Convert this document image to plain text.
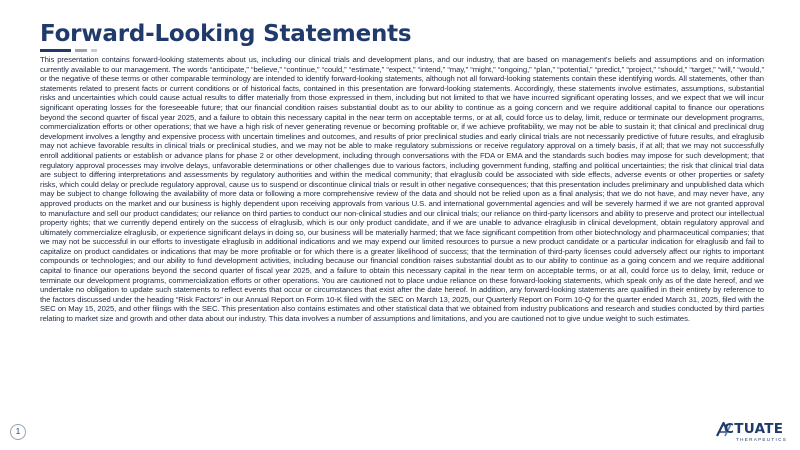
Forward-Looking Statements

This presentation contains forward-looking statements about us, including our clinical trials and development plans, and our industry, that are based on management's beliefs and assumptions and on information currently available to our management. The words “anticipate,” “believe,” “continue,” “could,” “estimate,” “expect,” “intend,” “may,” “might,” “ongoing,” “plan,” “potential,” “predict,” “project,” “should,” “target,” “will,” “would,” or the negative of these terms or other comparable terminology are intended to identify forward-looking statements, although not all forward-looking statements contain these identifying words. All statements, other than statements related to present facts or current conditions or of historical facts, contained in this presentation are forward-looking statements. Accordingly, these statements involve estimates, assumptions, substantial risks and uncertainties which could cause actual results to differ materially from those expressed in them, including but not limited to that we have incurred significant operating losses, and we expect that we will incur significant operating losses for the foreseeable future; that our financial condition raises substantial doubt as to our ability to continue as a going concern and we require additional capital to finance our operations beyond the second quarter of fiscal year 2025, and a failure to obtain this necessary capital in the near term on acceptable terms, or at all, could force us to delay, limit, reduce or terminate our development programs, commercialization efforts or other operations; that we have a high risk of never generating revenue or becoming profitable or, if we achieve profitability, we may not be able to sustain it; that clinical and preclinical drug development involves a lengthy and expensive process with uncertain timelines and outcomes, and results of prior preclinical studies and early clinical trials are not necessarily predictive of future results, and elraglusib may not achieve favorable results in clinical trials or preclinical studies, and we may not be able to make regulatory submissions or receive regulatory approval on a timely basis, if at all; that we may not successfully enroll additional patients or establish or advance plans for phase 2 or other development, including through conversations with the FDA or EMA and the standards such bodies may impose for such development; that regulatory approval processes may involve delays, unfavorable determinations or other challenges due to various factors, including government funding, staffing and political uncertainties; the risk that clinical trial data are subject to differing interpretations and assessments by regulatory authorities and within the medical community; that elraglusib could be associated with side effects, adverse events or other properties or safety risks, which could delay or preclude regulatory approval, cause us to suspend or discontinue clinical trials or result in other negative consequences; that this presentation includes preliminary and unpublished data which may be subject to change following the availability of more data or following a more comprehensive review of the data and should not be relied upon as a final analysis; that we do not have, and may never have, any approved products on the market and our business is highly dependent upon receiving approvals from various U.S. and international governmental agencies and will be severely harmed if we are not granted approval to manufacture and sell our product candidates; our reliance on third parties to conduct our non-clinical studies and our clinical trials; our reliance on third-party licensors and ability to preserve and protect our intellectual property rights; that we currently depend entirely on the success of elraglusib, which is our only product candidate, and if we are unable to advance elraglusib in clinical development, obtain regulatory approval and ultimately commercialize elraglusib, or experience significant delays in doing so, our business will be materially harmed; that we face significant competition from other biotechnology and pharmaceutical companies; that we may not be successful in our efforts to investigate elraglusib in additional indications and we may expend our limited resources to pursue a new product candidate or a particular indication for elraglusib and fail to capitalize on product candidates or indications that may be more profitable or for which there is a greater likelihood of success; that the termination of third-party licenses could adversely affect our rights to important compounds or technologies; and our ability to fund development activities, including because our financial condition raises substantial doubt as to our ability to continue as a going concern and we require additional capital to finance our operations beyond the second quarter of fiscal year 2025, and a failure to obtain this necessary capital in the near term on acceptable terms, or at all, could force us to delay, limit, reduce or terminate our development programs, commercialization efforts or other operations. You are cautioned not to place undue reliance on these forward-looking statements, which speak only as of the date hereof, and we undertake no obligation to update such statements to reflect events that occur or circumstances that exist after the date hereof. In addition, any forward-looking statements are qualified in their entirety by reference to the factors discussed under the heading “Risk Factors” in our Annual Report on Form 10-K filed with the SEC on March 13, 2025, our Quarterly Report on Form 10-Q for the quarter ended March 31, 2025, filed with the SEC on May 15, 2025, and other filings with the SEC. This presentation also contains estimates and other statistical data that we obtained from industry publications and research and studies conducted by third parties relating to market size and growth and other data about our industry. This data involves a number of assumptions and limitations, and you are cautioned not to give undue weight to such estimates.

1	CTUATE
THERAPEUTICS
